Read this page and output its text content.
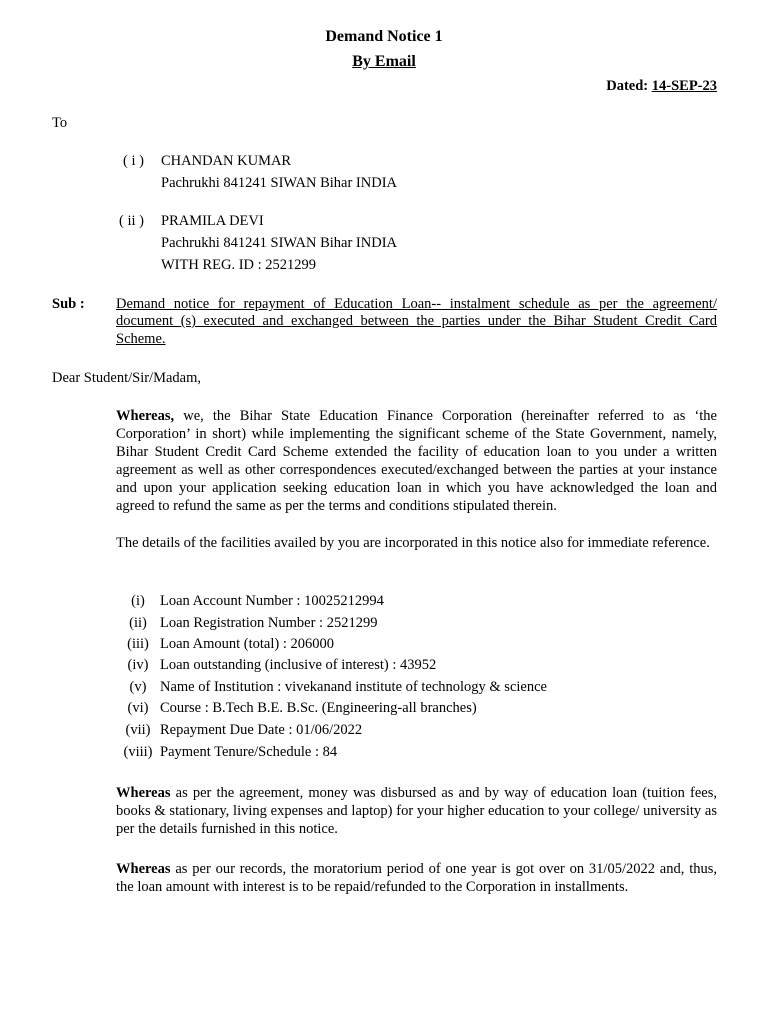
Demand Notice 1
By Email
Dated: 14-SEP-23
To
( i ) CHANDAN KUMAR
Pachrukhi 841241 SIWAN Bihar INDIA
( ii ) PRAMILA DEVI
Pachrukhi 841241 SIWAN Bihar INDIA
WITH REG. ID : 2521299
Sub : Demand notice for repayment of Education Loan-- instalment schedule as per the agreement/
document (s) executed and exchanged between the parties under the Bihar Student Credit Card
Scheme.
Dear Student/Sir/Madam,
Whereas, we, the Bihar State Education Finance Corporation (hereinafter referred to as ‘the Corporation’ in short) while implementing the significant scheme of the State Government, namely, Bihar Student Credit Card Scheme extended the facility of education loan to you under a written agreement as well as other correspondences executed/exchanged between the parties at your instance and upon your application seeking education loan in which you have acknowledged the loan and agreed to refund the same as per the terms and conditions stipulated therein.
The details of the facilities availed by you are incorporated in this notice also for immediate reference.
(i)	Loan Account Number : 10025212994
(ii) Loan Registration Number : 2521299
(iii) Loan Amount (total) : 206000
(iv) Loan outstanding (inclusive of interest) : 43952
(v) Name of Institution : vivekanand institute of technology & science
(vi) Course : B.Tech B.E. B.Sc. (Engineering-all branches)
(vii) Repayment Due Date : 01/06/2022
(viii) Payment Tenure/Schedule : 84
Whereas as per the agreement, money was disbursed as and by way of education loan (tuition fees, books & stationary, living expenses and laptop) for your higher education to your college/ university as per the details furnished in this notice.
Whereas as per our records, the moratorium period of one year is got over on 31/05/2022 and, thus, the loan amount with interest is to be repaid/refunded to the Corporation in installments.
